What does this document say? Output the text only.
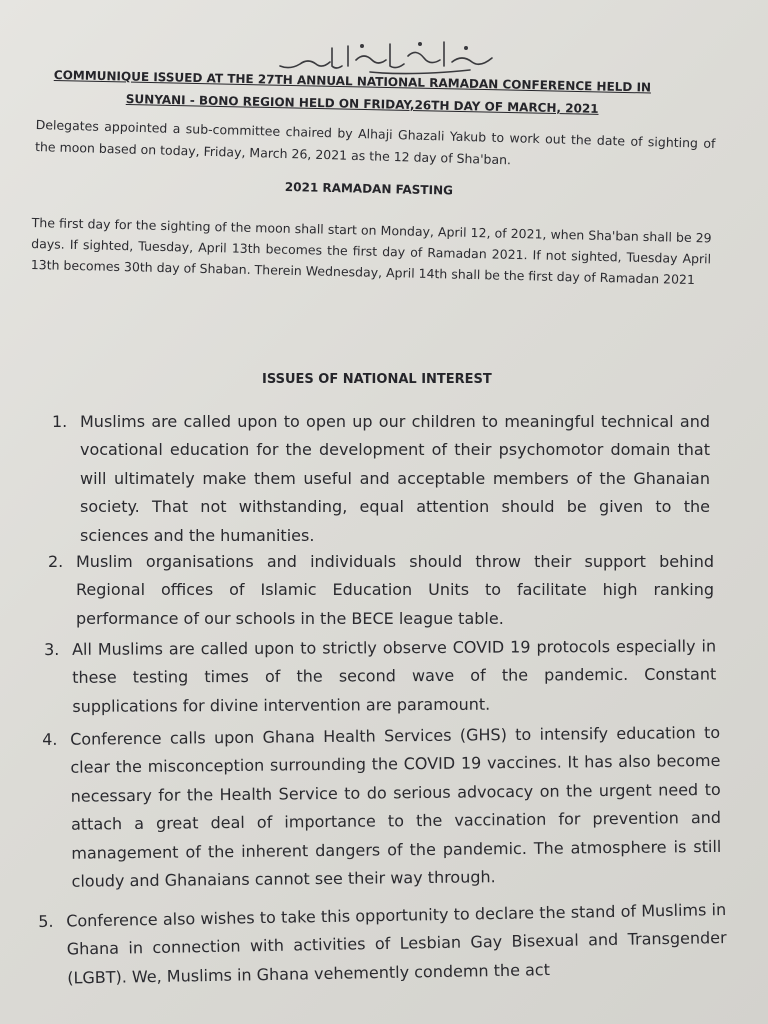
COMMUNIQUE ISSUED AT THE 27TH ANNUAL NATIONAL RAMADAN CONFERENCE HELD IN
SUNYANI - BONO REGION HELD ON FRIDAY,26TH DAY OF MARCH, 2021
Delegates appointed a sub-committee chaired by Alhaji Ghazali Yakub to work out the date of sighting of the moon based on today, Friday, March 26, 2021 as the 12 day of Sha'ban.
2021 RAMADAN FASTING
The first day for the sighting of the moon shall start on Monday, April 12, of 2021, when Sha'ban shall be 29 days. If sighted, Tuesday, April 13th becomes the first day of Ramadan 2021. If not sighted, Tuesday April 13th becomes 30th day of Shaban. Therein Wednesday, April 14th shall be the first day of Ramadan 2021
ISSUES OF NATIONAL INTEREST
1. Muslims are called upon to open up our children to meaningful technical and vocational education for the development of their psychomotor domain that will ultimately make them useful and acceptable members of the Ghanaian society. That not withstanding, equal attention should be given to the sciences and the humanities.
2. Muslim organisations and individuals should throw their support behind Regional offices of Islamic Education Units to facilitate high ranking performance of our schools in the BECE league table.
3. All Muslims are called upon to strictly observe COVID 19 protocols especially in these testing times of the second wave of the pandemic. Constant supplications for divine intervention are paramount.
4. Conference calls upon Ghana Health Services (GHS) to intensify education to clear the misconception surrounding the COVID 19 vaccines. It has also become necessary for the Health Service to do serious advocacy on the urgent need to attach a great deal of importance to the vaccination for prevention and management of the inherent dangers of the pandemic. The atmosphere is still cloudy and Ghanaians cannot see their way through.
5. Conference also wishes to take this opportunity to declare the stand of Muslims in Ghana in connection with activities of Lesbian Gay Bisexual and Transgender (LGBT). We, Muslims in Ghana vehemently condemn the act
